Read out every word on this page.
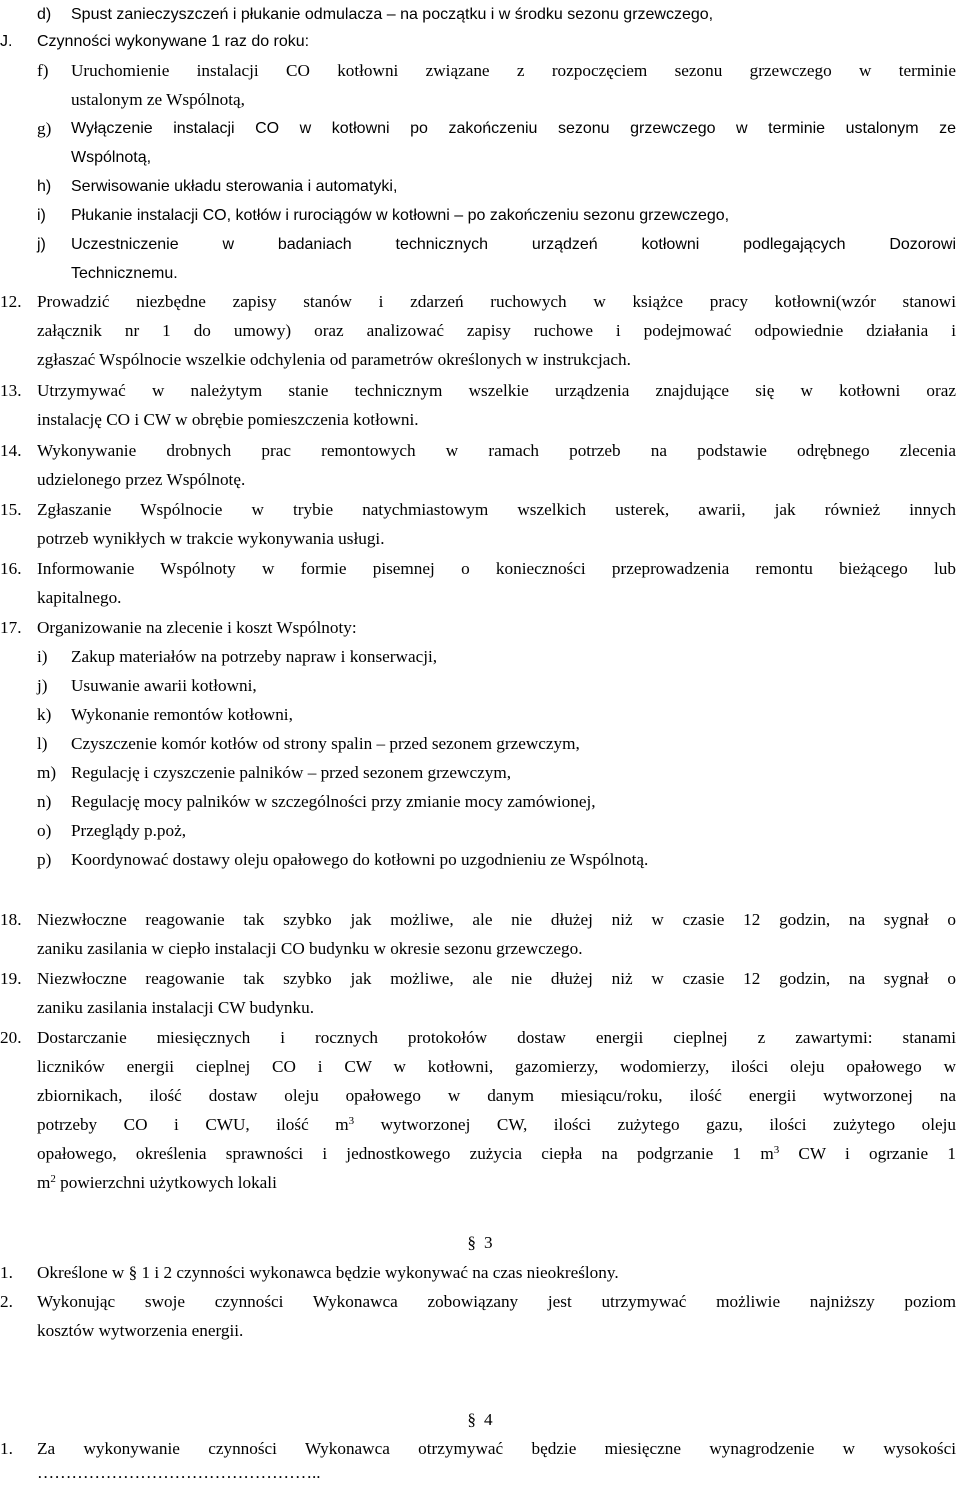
d) Spust zanieczyszczeń i płukanie odmulacza – na początku i w środku sezonu grzewczego,
J. Czynności wykonywane 1 raz do roku:
f) Uruchomienie instalacji CO kotłowni związane z rozpoczęciem sezonu grzewczego w terminie
ustalonym ze Wspólnotą,
g) Wyłączenie instalacji CO w kotłowni po zakończeniu sezonu grzewczego w terminie ustalonym ze
Wspólnotą,
h) Serwisowanie układu sterowania i automatyki,
i) Płukanie instalacji CO, kotłów i rurociągów w kotłowni – po zakończeniu sezonu grzewczego,
j) Uczestniczenie w badaniach technicznych urządzeń kotłowni podlegających Dozorowi
Technicznemu.
12. Prowadzić niezbędne zapisy stanów i zdarzeń ruchowych w książce pracy kotłowni(wzór stanowi
załącznik nr 1 do umowy) oraz analizować zapisy ruchowe i podejmować odpowiednie działania i
zgłaszać Wspólnocie wszelkie odchylenia od parametrów określonych w instrukcjach.
13. Utrzymywać w należytym stanie technicznym wszelkie urządzenia znajdujące się w kotłowni oraz
instalację CO i CW w obrębie pomieszczenia kotłowni.
14. Wykonywanie drobnych prac remontowych w ramach potrzeb na podstawie odrębnego zlecenia
udzielonego przez Wspólnotę.
15. Zgłaszanie Wspólnocie w trybie natychmiastowym wszelkich usterek, awarii, jak również innych
potrzeb wynikłych w trakcie wykonywania usługi.
16. Informowanie Wspólnoty w formie pisemnej o konieczności przeprowadzenia remontu bieżącego lub
kapitalnego.
17. Organizowanie na zlecenie i koszt Wspólnoty:
i) Zakup materiałów na potrzeby napraw i konserwacji,
j) Usuwanie awarii kotłowni,
k) Wykonanie remontów kotłowni,
l) Czyszczenie komór kotłów od strony spalin – przed sezonem grzewczym,
m) Regulację i czyszczenie palników – przed sezonem grzewczym,
n) Regulację mocy palników w szczególności przy zmianie mocy zamówionej,
o) Przeglądy p.poż,
p) Koordynować dostawy oleju opałowego do kotłowni po uzgodnieniu ze Wspólnotą.
18. Niezwłoczne reagowanie tak szybko jak możliwe, ale nie dłużej niż w czasie 12 godzin, na sygnał o
zaniku zasilania w ciepło instalacji CO budynku w okresie sezonu grzewczego.
19. Niezwłoczne reagowanie tak szybko jak możliwe, ale nie dłużej niż w czasie 12 godzin, na sygnał o
zaniku zasilania instalacji CW budynku.
20. Dostarczanie miesięcznych i rocznych protokołów dostaw energii cieplnej z zawartymi: stanami
liczników energii cieplnej CO i CW w kotłowni, gazomierzy, wodomierzy, ilości oleju opałowego w
zbiornikach, ilość dostaw oleju opałowego w danym miesiącu/roku, ilość energii wytworzonej na
potrzeby CO i CWU, ilość $m^3$ wytworzonej CW, ilości zużytego gazu, ilości zużytego oleju
opałowego, określenia sprawności i jednostkowego zużycia ciepła na podgrzanie 1 $m^3$ CW i ogrzanie 1
$m^2$ powierzchni użytkowych lokali
§ 3
1. Określone w § 1 i 2 czynności wykonawca będzie wykonywać na czas nieokreślony.
2. Wykonując swoje czynności Wykonawca zobowiązany jest utrzymywać możliwie najniższy poziom
kosztów wytworzenia energii.
§ 4
1. Za wykonywanie czynności Wykonawca otrzymywać będzie miesięczne wynagrodzenie w wysokości
…………………………………………..
